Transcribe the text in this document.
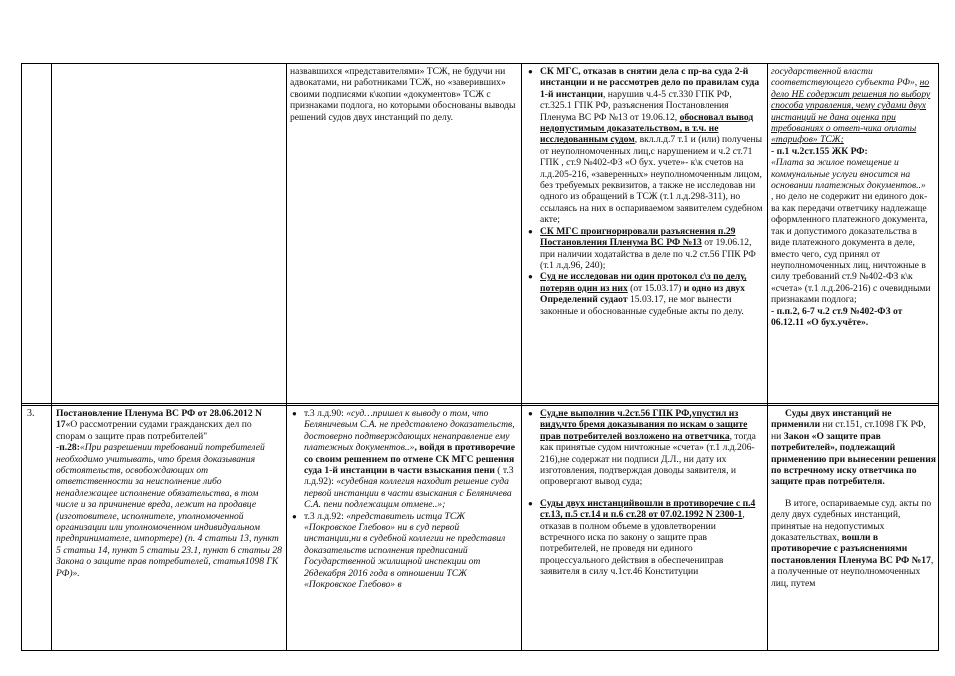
назвавшихся «представителями» ТСЖ, не будучи ни адвокатами, ни работниками ТСЖ, но «заверивших» своими подписями к\копии «документов» ТСЖ с признаками подлога, но которыми обоснованы выводы решений судов двух инстанций по делу.

● СК МГС, отказав в снятии дела с пр-ва суда 2-й инстанции и не рассмотрев дело по правилам суда 1-й инстанции, нарушив ч.4-5 ст.330 ГПК РФ, ст.325.1 ГПК РФ, разъяснения Постановления Пленума ВС РФ №13 от 19.06.12, обосновал вывод недопустимым доказательством, в т.ч. не исследованным судом, вкл.л.д.7 т.1 и (или) получены от неуполномоченных лиц,с нарушением и ч.2 ст.71 ГПК , ст.9 №402-ФЗ «О бух. учете»- к\к счетов на л.д.205-216, «заверенных» неуполномоченным лицом, без требуемых реквизитов, а также не исследовав ни одного из обращений в ТСЖ (т.1 л.д.298-311), но ссылаясь на них в оспариваемом заявителем судебном акте;

● СК МГС проигнорировали разъяснения п.29 Постановления Пленума ВС РФ №13 от 19.06.12, при наличии ходатайства в деле по ч.2 ст.56 ГПК РФ (т.1 л.д.96, 240);

● Суд не исследовав ни один протокол с\з по делу, потеряв один из них (от 15.03.17) и одно из двух Определений судаот 15.03.17, не мог вынести законные и обоснованные судебные акты по делу.

государственной власти соответствующего субъекта РФ», но дело НЕ содержит решения по выбору способа управления, чему судами двух инстанций не дана оценка при требованиях о ответ-чика оплаты «тарифов» ТСЖ;

- п.1 ч.2ст.155 ЖК РФ:
«Плата за жилое помещение и коммунальные услуги вносится на основании платежных документов..»
, но дело не содержит ни единого док-ва как передачи ответчику надлежаще оформленного платежного документа, так и допустимого доказательства в виде платежного документа в деле, вместо чего, суд принял от неуполномоченных лиц, ничтожные в силу требований ст.9 №402-ФЗ к\к «счета» (т.1 л.д.206-216) с очевидными признаками подлога;

- п.п.2, 6-7 ч.2 ст.9 №402-ФЗ от 06.12.11 «О бух.учёте».

3. Постановление Пленума ВС РФ от 28.06.2012 N 17«О рассмотрении судами гражданских дел по спорам о защите прав потребителей"

-п.28:«При разрешении требований потребителей необходимо учитывать, что бремя доказывания обстоятельств, освобождающих от ответственности за неисполнение либо ненадлежащее исполнение обязательства, в том числе и за причинение вреда, лежит на продавце (изготовителе, исполнителе, уполномоченной организации или уполномоченном индивидуальном предпринимателе, импортере) (п. 4 статьи 13, пункт 5 статьи 14, пункт 5 статьи 23.1, пункт 6 статьи 28 Закона о защите прав потребителей, статья1098 ГК РФ)».

● т.3 л.д.90: «суд…пришел к выводу о том, что Беляничевым С.А. не представлено доказательств, достоверно подтверждающих ненаправление ему платежных документов..», войдя в противоречие со своим решением по отмене СК МГС решения суда 1-й инстанции в части взыскания пени ( т.3 л.д.92): «судебная коллегия находит решение суда первой инстанции в части взыскания с Беляничева С.А. пени подлежащим отмене..»;

● т.3 л.д.92: «представитель истца ТСЖ «Покровское Глебово» ни в суд первой инстанции,ни в судебной коллегии не представил доказательств исполнения предписаний Государственной жилищной инспекции от 26декабря 2016 года в отношении ТСЖ «Покровское Глебово» в

● Суд,не выполнив ч.2ст.56 ГПК РФ,упустил из виду,что бремя доказывания по искам о защите прав потребителей возложено на ответчика, тогда как принятые судом ничтожные «счета» (т.1 л.д.206-216),не содержат ни подписи Д.Л., ни дату их изготовления, подтверждая доводы заявителя, и опровергают вывод суда;

● Суды двух инстанцийвошли в противоречие с п.4 ст.13, п.5 ст.14 и п.6 ст.28 от 07.02.1992 N 2300-1, отказав в полном объеме в удовлетворении встречного иска по закону о защите прав потребителей, не проведя ни единого процессуального действия в обеспечениправ заявителя в силу ч.1ст.46 Конституции

Суды двух инстанций не применили ни ст.151, ст.1098 ГК РФ, ни Закон «О защите прав потребителей», подлежащий применению при вынесении решения по встречному иску ответчика по защите прав потребителя.

В итоге, оспариваемые суд. акты по делу двух судебных инстанций, принятые на недопустимых доказательствах, вошли в противоречие с разъяснениями постановления Пленума ВС РФ №17, а полученные от неуполномоченных лиц, путем
